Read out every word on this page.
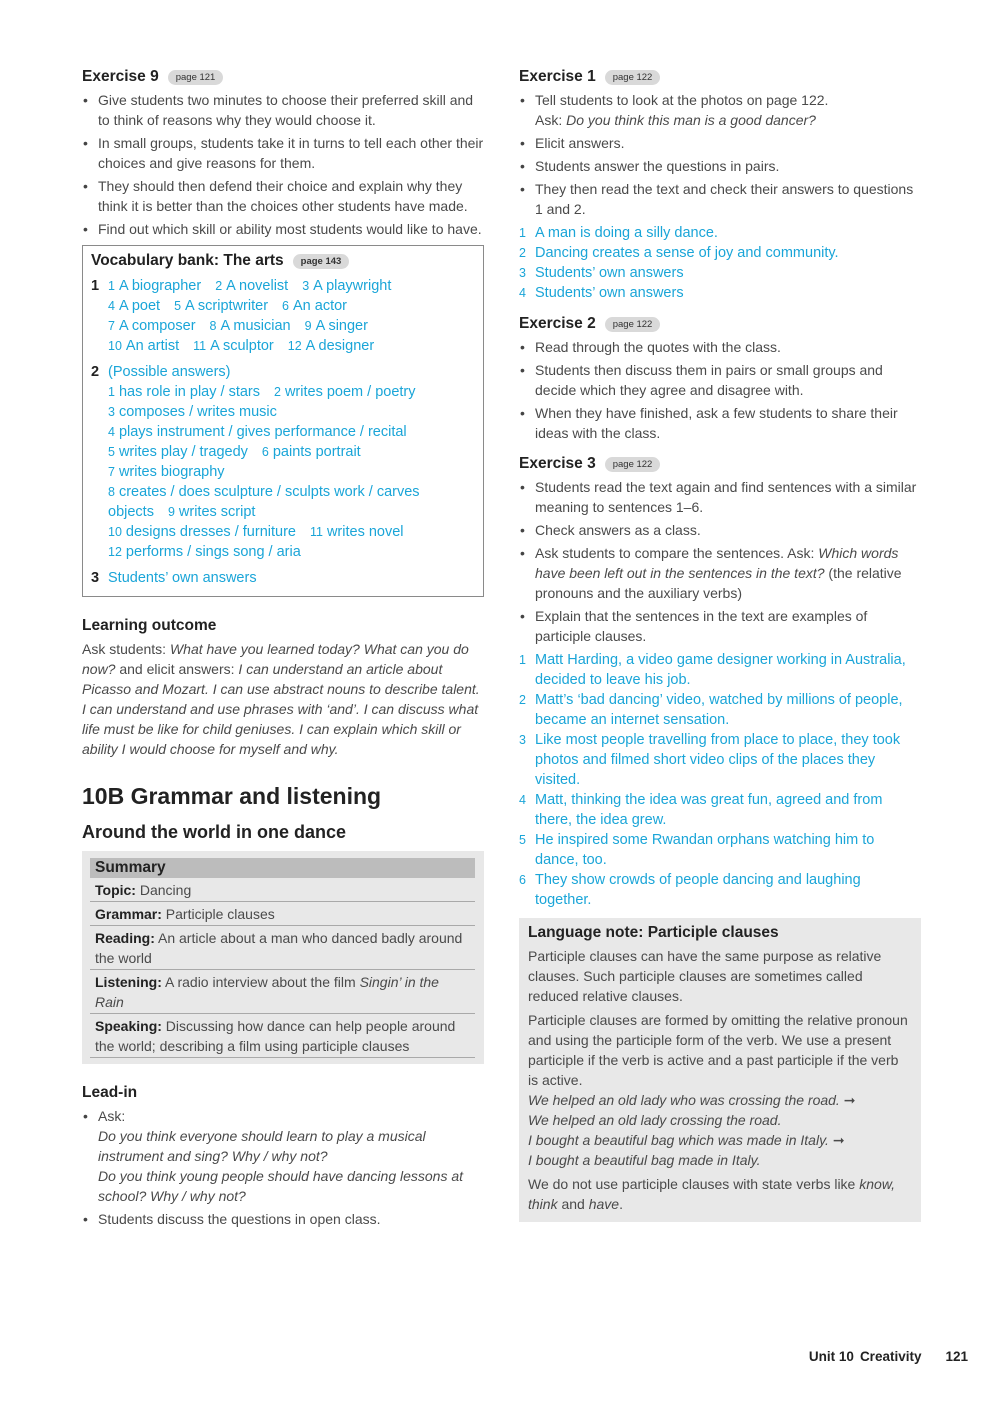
Exercise 9	page 121
• Give students two minutes to choose their preferred skill and to think of reasons why they would choose it.
• In small groups, students take it in turns to tell each other their choices and give reasons for them.
• They should then defend their choice and explain why they think it is better than the choices other students have made.
• Find out which skill or ability most students would like to have.
Vocabulary bank: The arts	page 143
1 1 A biographer 2 A novelist 3 A playwright
4 A poet 5 A scriptwriter 6 An actor
7 A composer 8 A musician 9 A singer
10 An artist 11 A sculptor 12 A designer
2 (Possible answers)
1 has role in play / stars 2 writes poem / poetry
3 composes / writes music
4 plays instrument / gives performance / recital
5 writes play / tragedy 6 paints portrait
7 writes biography
8 creates / does sculpture / sculpts work / carves
objects 9 writes script
10 designs dresses / furniture 11 writes novel
12 performs / sings song / aria
3 Students’ own answers
Learning outcome

Ask students: What have you learned today? What can you do now? and elicit answers: I can understand an article about Picasso and Mozart. I can use abstract nouns to describe talent. I can understand and use phrases with ‘and’. I can discuss what life must be like for child geniuses. I can explain which skill or ability I would choose for myself and why.

10B Grammar and listening
Around the world in one dance
Summary
Topic: Dancing
Grammar: Participle clauses
Reading: An article about a man who danced badly around the world
Listening: A radio interview about the film Singin’ in the Rain
Speaking: Discussing how dance can help people around the world; describing a film using participle clauses
Lead-in
• Ask:
Do you think everyone should learn to play a musical instrument and sing? Why / why not?
Do you think young people should have dancing lessons at school? Why / why not?
• Students discuss the questions in open class.
Exercise 1	page 122
• Tell students to look at the photos on page 122.
Ask: Do you think this man is a good dancer?
• Elicit answers.
• Students answer the questions in pairs.
• They then read the text and check their answers to questions 1 and 2.
1 A man is doing a silly dance.
2 Dancing creates a sense of joy and community.
3 Students’ own answers
4 Students’ own answers
Exercise 2	page 122
• Read through the quotes with the class.
• Students then discuss them in pairs or small groups and decide which they agree and disagree with.
• When they have finished, ask a few students to share their ideas with the class.
Exercise 3	page 122
• Students read the text again and find sentences with a similar meaning to sentences 1–6.
• Check answers as a class.
• Ask students to compare the sentences. Ask: Which words have been left out in the sentences in the text? (the relative pronouns and the auxiliary verbs)
• Explain that the sentences in the text are examples of participle clauses.
1 Matt Harding, a video game designer working in Australia, decided to leave his job.
2 Matt’s ‘bad dancing’ video, watched by millions of people, became an internet sensation.
3 Like most people travelling from place to place, they took photos and filmed short video clips of the places they visited.
4 Matt, thinking the idea was great fun, agreed and from there, the idea grew.
5 He inspired some Rwandan orphans watching him to dance, too.
6 They show crowds of people dancing and laughing together.
Language note: Participle clauses

Participle clauses can have the same purpose as relative clauses. Such participle clauses are sometimes called reduced relative clauses.

Participle clauses are formed by omitting the relative pronoun and using the participle form of the verb. We use a present participle if the verb is active and a past participle if the verb is active.

We helped an old lady who was crossing the road. ➞
We helped an old lady crossing the road.
I bought a beautiful bag which was made in Italy. ➞
I bought a beautiful bag made in Italy.

We do not use participle clauses with state verbs like know, think and have.

Unit 10 Creativity 121
